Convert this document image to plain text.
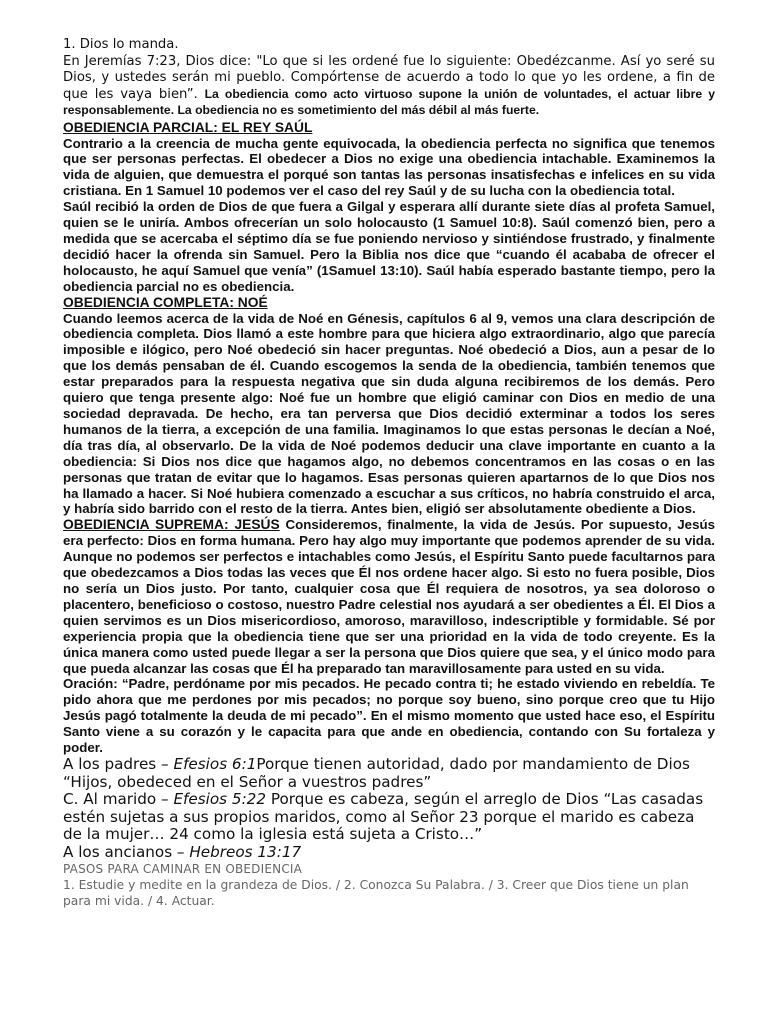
1. Dios lo manda.

En Jeremías 7:23, Dios dice: "Lo que si les ordené fue lo siguiente: Obedézcanme. Así yo seré su Dios, y ustedes serán mi pueblo. Compórtense de acuerdo a todo lo que yo les ordene, a fin de que les vaya bien”. La obediencia como acto virtuoso supone la unión de voluntades, el actuar libre y responsablemente. La obediencia no es sometimiento del más débil al más fuerte.

OBEDIENCIA PARCIAL: EL REY SAÚL

Contrario a la creencia de mucha gente equivocada, la obediencia perfecta no significa que tenemos que ser personas perfectas. El obedecer a Dios no exige una obediencia intachable. Examinemos la vida de alguien, que demuestra el porqué son tantas las personas insatisfechas e infelices en su vida cristiana. En 1 Samuel 10 podemos ver el caso del rey Saúl y de su lucha con la obediencia total.

Saúl recibió la orden de Dios de que fuera a Gilgal y esperara allí durante siete días al profeta Samuel, quien se le uniría. Ambos ofrecerían un solo holocausto (1 Samuel 10:8). Saúl comenzó bien, pero a medida que se acercaba el séptimo día se fue poniendo nervioso y sintiéndose frustrado, y finalmente decidió hacer la ofrenda sin Samuel. Pero la Biblia nos dice que “cuando él acababa de ofrecer el holocausto, he aquí Samuel que venía” (1Samuel 13:10). Saúl había esperado bastante tiempo, pero la obediencia parcial no es obediencia.

OBEDIENCIA COMPLETA: NOÉ

Cuando leemos acerca de la vida de Noé en Génesis, capítulos 6 al 9, vemos una clara descripción de obediencia completa. Dios llamó a este hombre para que hiciera algo extraordinario, algo que parecía imposible e ilógico, pero Noé obedeció sin hacer preguntas. Noé obedeció a Dios, aun a pesar de lo que los demás pensaban de él. Cuando escogemos la senda de la obediencia, también tenemos que estar preparados para la respuesta negativa que sin duda alguna recibiremos de los demás. Pero quiero que tenga presente algo: Noé fue un hombre que eligió caminar con Dios en medio de una sociedad depravada. De hecho, era tan perversa que Dios decidió exterminar a todos los seres humanos de la tierra, a excepción de una familia. Imaginamos lo que estas personas le decían a Noé, día tras día, al observarlo. De la vida de Noé podemos deducir una clave importante en cuanto a la obediencia: Si Dios nos dice que hagamos algo, no debemos concentramos en las cosas o en las personas que tratan de evitar que lo hagamos. Esas personas quieren apartarnos de lo que Dios nos ha llamado a hacer. Si Noé hubiera comenzado a escuchar a sus críticos, no habría construido el arca, y habría sido barrido con el resto de la tierra. Antes bien, eligió ser absolutamente obediente a Dios.

OBEDIENCIA SUPREMA: JESÚS Consideremos, finalmente, la vida de Jesús. Por supuesto, Jesús era perfecto: Dios en forma humana. Pero hay algo muy importante que podemos aprender de su vida. Aunque no podemos ser perfectos e intachables como Jesús, el Espíritu Santo puede facultarnos para que obedezcamos a Dios todas las veces que Él nos ordene hacer algo. Si esto no fuera posible, Dios no sería un Dios justo. Por tanto, cualquier cosa que Él requiera de nosotros, ya sea doloroso o placentero, beneficioso o costoso, nuestro Padre celestial nos ayudará a ser obedientes a Él. El Dios a quien servimos es un Dios misericordioso, amoroso, maravilloso, indescriptible y formidable. Sé por experiencia propia que la obediencia tiene que ser una prioridad en la vida de todo creyente. Es la única manera como usted puede llegar a ser la persona que Dios quiere que sea, y el único modo para que pueda alcanzar las cosas que Él ha preparado tan maravillosamente para usted en su vida.

Oración: “Padre, perdóname por mis pecados. He pecado contra ti; he estado viviendo en rebeldía. Te pido ahora que me perdones por mis pecados; no porque soy bueno, sino porque creo que tu Hijo Jesús pagó totalmente la deuda de mi pecado”. En el mismo momento que usted hace eso, el Espíritu Santo viene a su corazón y le capacita para que ande en obediencia, contando con Su fortaleza y poder.

A los padres – Efesios 6:1Porque tienen autoridad, dado por mandamiento de Dios “Hijos, obedeced en el Señor a vuestros padres”

C. Al marido – Efesios 5:22 Porque es cabeza, según el arreglo de Dios “Las casadas estén sujetas a sus propios maridos, como al Señor 23 porque el marido es cabeza de la mujer… 24 como la iglesia está sujeta a Cristo…”

A los ancianos – Hebreos 13:17

PASOS PARA CAMINAR EN OBEDIENCIA

1. Estudie y medite en la grandeza de Dios. / 2. Conozca Su Palabra. / 3. Creer que Dios tiene un plan para mi vida. / 4. Actuar.
